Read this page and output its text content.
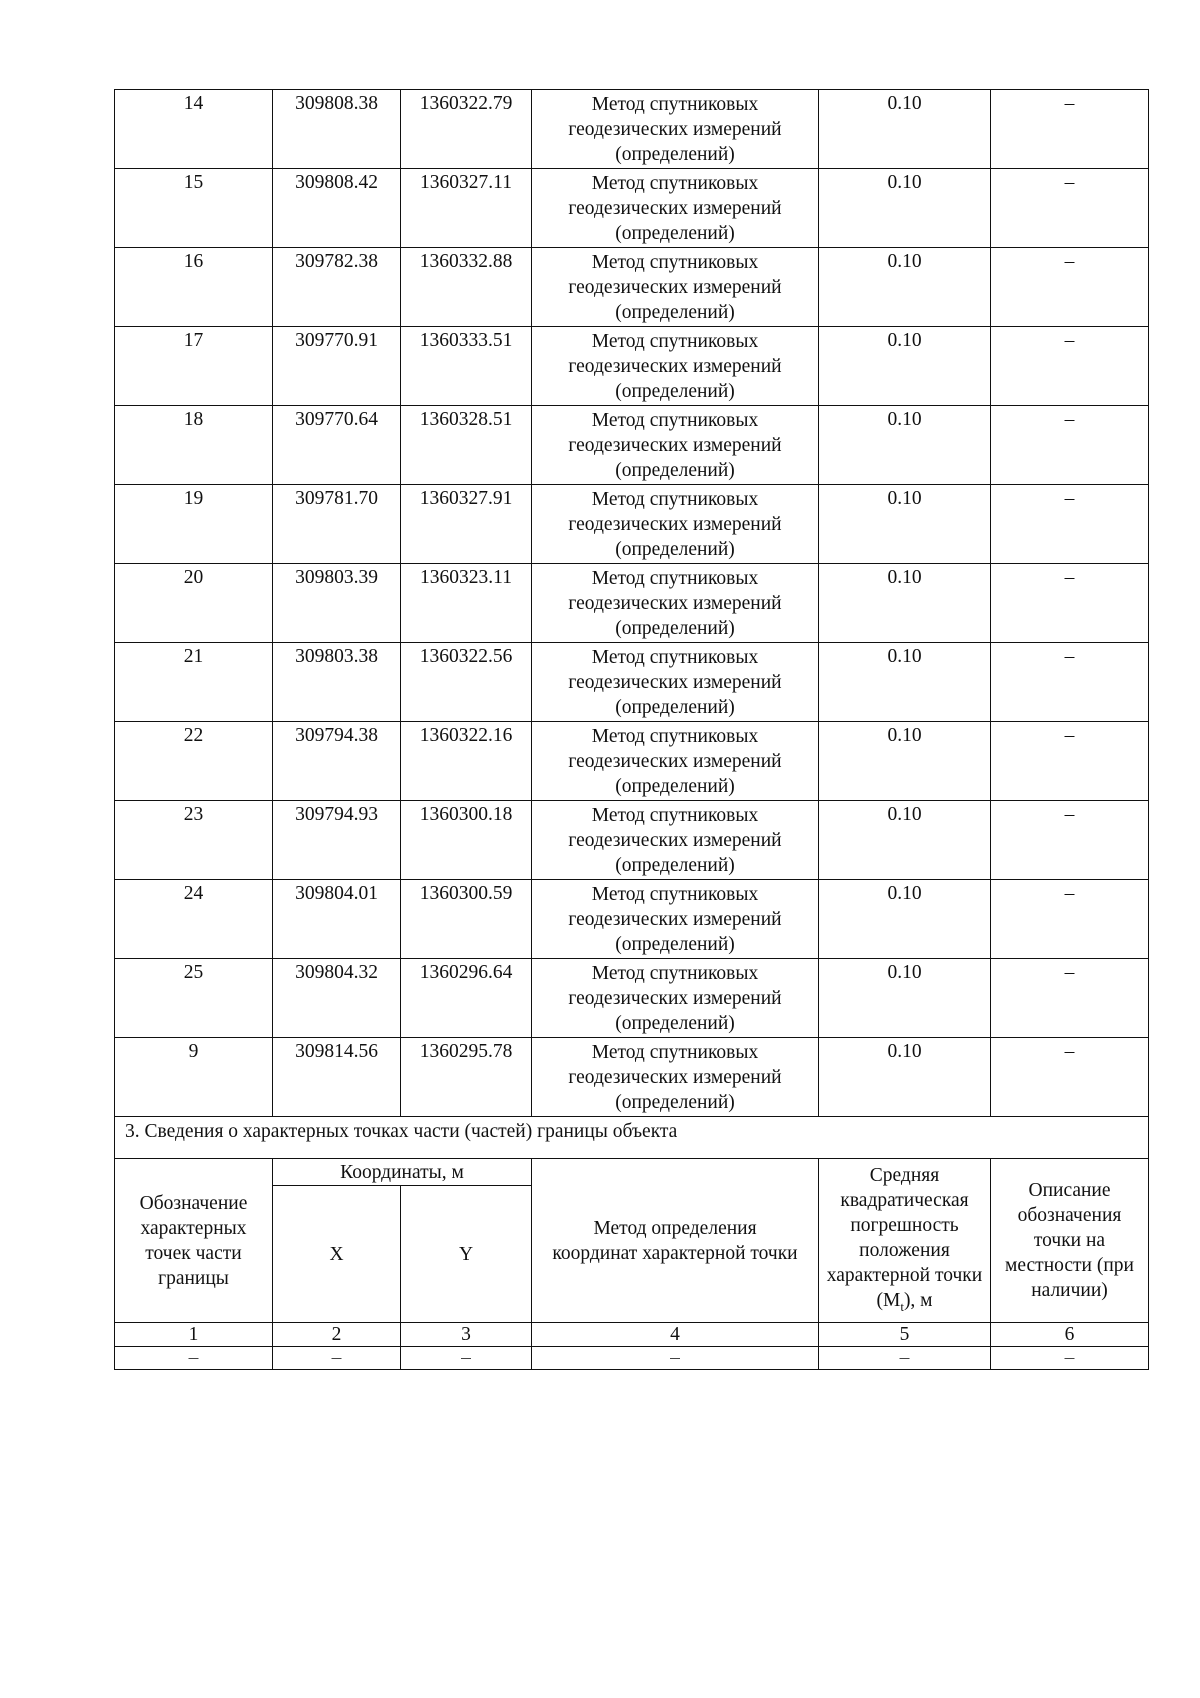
14	309808.38	1360322.79	Метод спутниковых геодезических измерений (определений)	0.10	–

15	309808.42	1360327.11	Метод спутниковых геодезических измерений (определений)	0.10	–

16	309782.38	1360332.88	Метод спутниковых геодезических измерений (определений)	0.10	–

17	309770.91	1360333.51	Метод спутниковых геодезических измерений (определений)	0.10	–

18	309770.64	1360328.51	Метод спутниковых геодезических измерений (определений)	0.10	–

19	309781.70	1360327.91	Метод спутниковых геодезических измерений (определений)	0.10	–

20	309803.39	1360323.11	Метод спутниковых геодезических измерений (определений)	0.10	–

21	309803.38	1360322.56	Метод спутниковых геодезических измерений (определений)	0.10	–

22	309794.38	1360322.16	Метод спутниковых геодезических измерений (определений)	0.10	–

23	309794.93	1360300.18	Метод спутниковых геодезических измерений (определений)	0.10	–

24	309804.01	1360300.59	Метод спутниковых геодезических измерений (определений)	0.10	–

25	309804.32	1360296.64	Метод спутниковых геодезических измерений (определений)	0.10	–

9	309814.56	1360295.78	Метод спутниковых геодезических измерений (определений)	0.10	–

3. Сведения о характерных точках части (частей) границы объекта					
Обозначение характерных точек части границы	Координаты, м		Метод определения координат характерной точки	Средняя квадратическая погрешность положения характерной точки $(M_t)$, м	Описание обозначения точки на местности (при наличии)
	X	Y			
1	2	3	4	5	6
–	–	–	–	–	–
